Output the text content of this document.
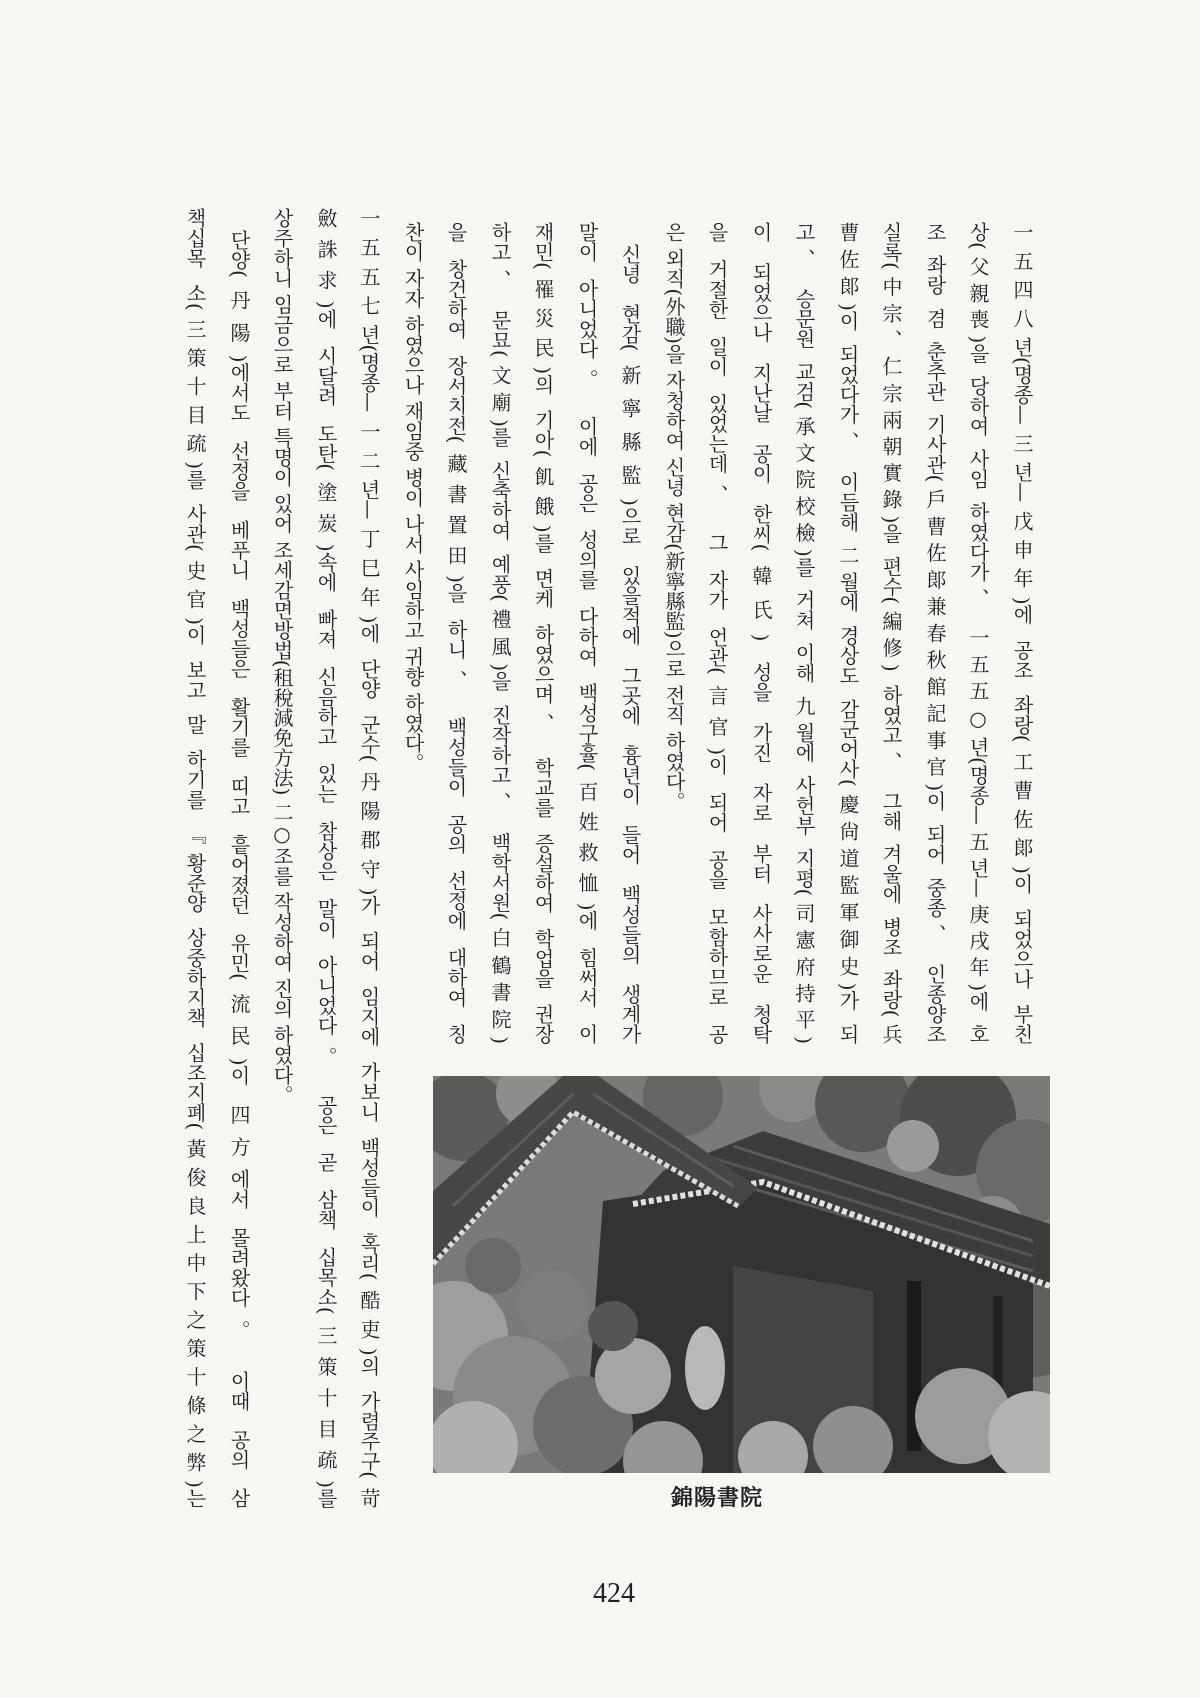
一五四八년(명종—三년—戊申年)에 공조 좌랑(工曹佐郞)이 되었으나 부친
상(父親喪)을 당하여 사임 하였다가、 一五五○년(명종—五년—庚戌年)에 호
조 좌랑 겸 춘추관 기사관(戶曹佐郞兼春秋館記事官)이 되어 중종、 인종양조
실록(中宗、仁宗兩朝實錄)을 편수(編修) 하였고、 그해 겨울에 병조 좌랑(兵
曹佐郞)이 되었다가、 이듬해 二월에 경상도 감군어사(慶尙道監軍御史)가 되
고、 승문원 교검(承文院校檢)를 거쳐 이해 九월에 사헌부 지평(司憲府持平)
이 되었으나 지난날 공이 한씨(韓氏) 성을 가진 자로 부터 사사로운 청탁
을 거절한 일이 있었는데、 그 자가 언관(言官)이 되어 공을 모함하므로 공
은 외직(外職)을 자청하여 신녕 현감(新寧縣監)으로 전직 하였다。
신녕 현감(新寧縣監)으로 있을적에 그곳에 흉년이 들어 백성들의 생계가
말이 아니었다。 이에 공은 성의를 다하여 백성구휼(百姓救恤)에 힘써서 이
재민(罹災民)의 기아(飢餓)를 면케 하였으며、 학교를 증설하여 학업을 권장
하고、 문묘(文廟)를 신축하여 예풍(禮風)을 진작하고、 백학서원(白鶴書院)
을 창건하여 장서치전(藏書置田)을 하니、 백성들이 공의 선정에 대하여 칭
찬이 자자 하였으나 재임중 병이 나서 사임하고 귀향 하였다。
一五五七년(명종—一二년—丁巳年)에 단양 군수(丹陽郡守)가 되어 임지에 가보니 백성들이 혹리(酷吏)의 가렴주구(苛
斂誅求)에 시달려 도탄(塗炭)속에 빠져 신음하고 있는 참상은 말이 아니었다。 공은 곧 삼책 십목소(三策十目疏)를
상주하니 임금으로 부터 특명이 있어 조세감면방법(租稅減免方法) 二○조를 작성하여 진의 하였다。
단양(丹陽)에서도 선정을 베푸니 백성들은 활기를 띠고 흩어졌던 유민(流民)이 四方에서 몰려왔다。 이때 공의 삼
책십목 소(三策十目疏)를 사관(史官)이 보고 말 하기를 『황준양 상중하지책 십조지폐(黃俊良上中下之策十條之弊)는	錦陽書院
424
